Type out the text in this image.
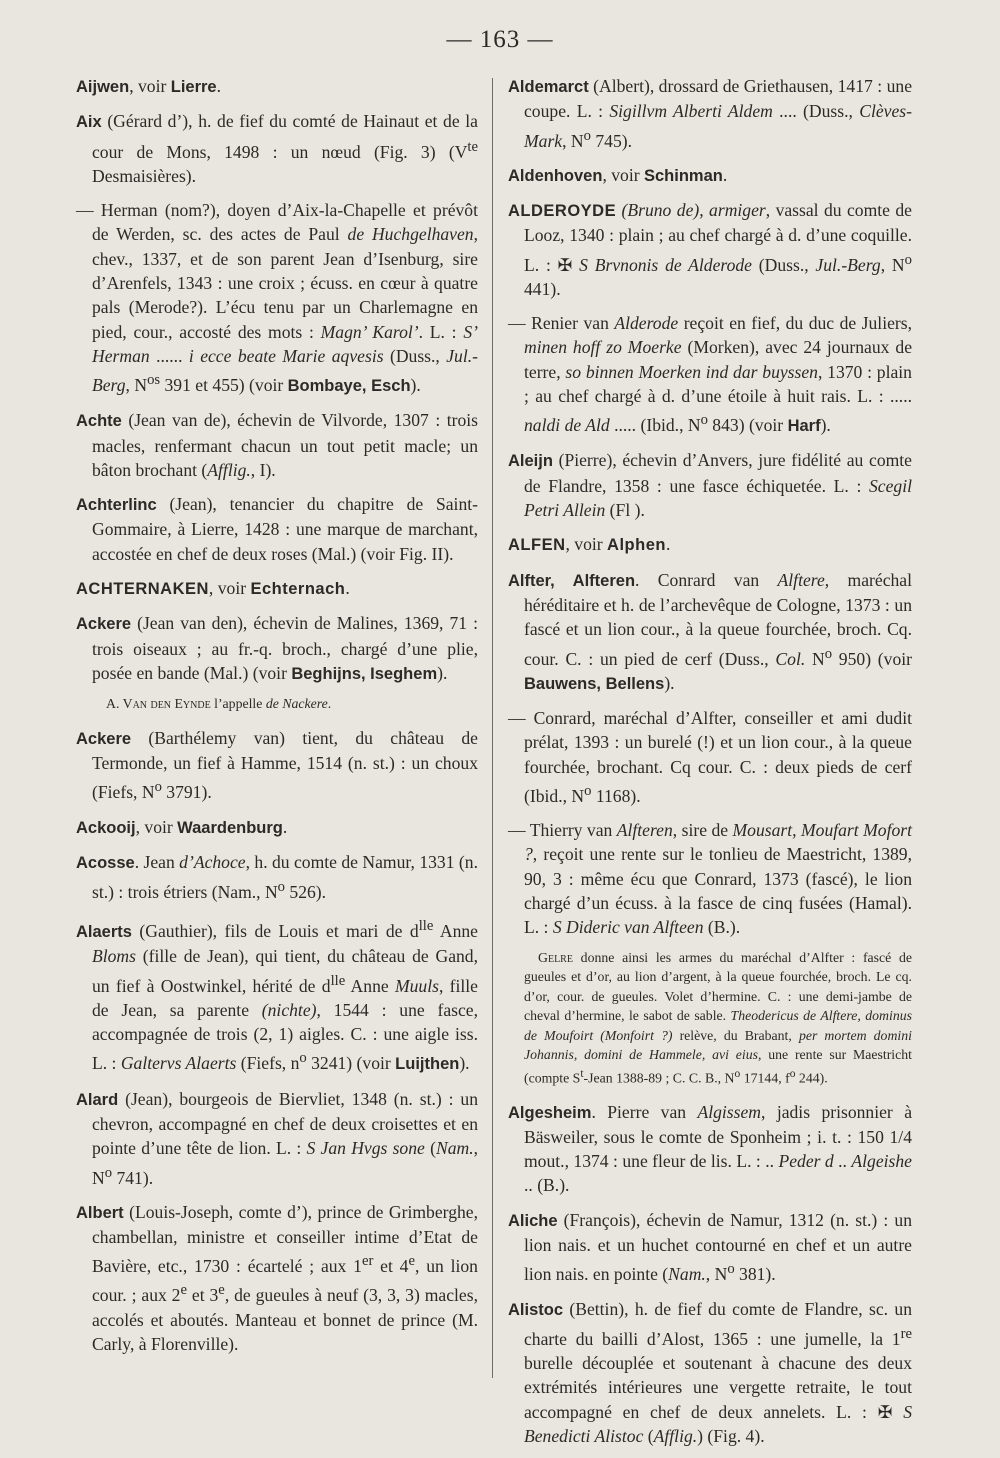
— 163 —

Aijwen, voir Lierre.

Aix (Gérard d’), h. de fief du comté de Hainaut et de la cour de Mons, 1498 : un nœud (Fig. 3) ($V^{te}$ Desmaisières).

— Herman (nom?), doyen d’Aix-la-Chapelle et prévôt de Werden, sc. des actes de Paul de Huchgelhaven, chev., 1337, et de son parent Jean d’Isenburg, sire d’Arenfels, 1343 : une croix ; écuss. en cœur à quatre pals (Merode?). L’écu tenu par un Charlemagne en pied, cour., accosté des mots : Magn’ Karol’. L. : S’ Herman ...... i ecce beate Marie aqvesis (Duss., Jul.-Berg, $N^{os}$ 391 et 455) (voir Bombaye, Esch).

Achte (Jean van de), échevin de Vilvorde, 1307 : trois macles, renfermant chacun un tout petit macle; un bâton brochant (Afflig., I).

Achterlinc (Jean), tenancier du chapitre de Saint-Gommaire, à Lierre, 1428 : une marque de marchant, accostée en chef de deux roses (Mal.) (voir Fig. II).

ACHTERNAKEN, voir Echternach.

Ackere (Jean van den), échevin de Malines, 1369, 71 : trois oiseaux ; au fr.-q. broch., chargé d’une plie, posée en bande (Mal.) (voir Beghijns, Iseghem).

A. Van den Eynde l’appelle de Nackere.

Ackere (Barthélemy van) tient, du château de Termonde, un fief à Hamme, 1514 (n. st.) : un choux (Fiefs, $N^o$ 3791).

Ackooij, voir Waardenburg.

Acosse. Jean d’Achoce, h. du comte de Namur, 1331 (n. st.) : trois étriers (Nam., $N^o$ 526).

Alaerts (Gauthier), fils de Louis et mari de $d^{lle}$ Anne Bloms (fille de Jean), qui tient, du château de Gand, un fief à Oostwinkel, hérité de $d^{lle}$ Anne Muuls, fille de Jean, sa parente (nichte), 1544 : une fasce, accompagnée de trois (2, 1) aigles. C. : une aigle iss. L. : Galtervs Alaerts (Fiefs, $n^o$ 3241) (voir Luijthen).

Alard (Jean), bourgeois de Biervliet, 1348 (n. st.) : un chevron, accompagné en chef de deux croisettes et en pointe d’une tête de lion. L. : S Jan Hvgs sone (Nam., $N^o$ 741).

Albert (Louis-Joseph, comte d’), prince de Grimberghe, chambellan, ministre et conseiller intime d’Etat de Bavière, etc., 1730 : écartelé ; aux 1er et 4e, un lion cour. ; aux 2e et 3e, de gueules à neuf (3, 3, 3) macles, accolés et aboutés. Manteau et bonnet de prince (M. Carly, à Florenville).

Aldemarct (Albert), drossard de Griethausen, 1417 : une coupe. L. : Sigillvm Alberti Aldem .... (Duss., Clèves-Mark, $N^o$ 745).

Aldenhoven, voir Schinman.

ALDEROYDE (Bruno de), armiger, vassal du comte de Looz, 1340 : plain ; au chef chargé à d. d’une coquille. L. : ✠ S Brvnonis de Alderode (Duss., Jul.-Berg, $N^o$ 441).

— Renier van Alderode reçoit en fief, du duc de Juliers, minen hoff zo Moerke (Morken), avec 24 journaux de terre, so binnen Moerken ind dar buyssen, 1370 : plain ; au chef chargé à d. d’une étoile à huit rais. L. : ..... naldi de Ald ..... (Ibid., $N^o$ 843) (voir Harf).

Aleijn (Pierre), échevin d’Anvers, jure fidélité au comte de Flandre, 1358 : une fasce échiquetée. L. : Scegil Petri Allein (Fl ).

ALFEN, voir Alphen.

Alfter, Alfteren. Conrard van Alftere, maréchal héréditaire et h. de l’archevêque de Cologne, 1373 : un fascé et un lion cour., à la queue fourchée, broch. Cq. cour. C. : un pied de cerf (Duss., Col. $N^o$ 950) (voir Bauwens, Bellens).

— Conrard, maréchal d’Alfter, conseiller et ami dudit prélat, 1393 : un burelé (!) et un lion cour., à la queue fourchée, brochant. Cq cour. C. : deux pieds de cerf (Ibid., $N^o$ 1168).

— Thierry van Alfteren, sire de Mousart, Moufart Mofort ?, reçoit une rente sur le tonlieu de Maestricht, 1389, 90, 3 : même écu que Conrard, 1373 (fascé), le lion chargé d’un écuss. à la fasce de cinq fusées (Hamal). L. : S Dideric van Alfteen (B.).

Gelre donne ainsi les armes du maréchal d’Alfter : fascé de gueules et d’or, au lion d’argent, à la queue fourchée, broch. Le cq. d’or, cour. de gueules. Volet d’hermine. C. : une demi-jambe de cheval d’hermine, le sabot de sable. Theodericus de Alftere, dominus de Moufoirt (Monfoirt ?) relève, du Brabant, per mortem domini Johannis, domini de Hammele, avi eius, une rente sur Maestricht (compte $S^t$-Jean 1388-89 ; C. C. B., $N^o$ 17144, $f^o$ 244).

Algesheim. Pierre van Algissem, jadis prisonnier à Bäsweiler, sous le comte de Sponheim ; i. t. : 150 1/4 mout., 1374 : une fleur de lis. L. : .. Peder d .. Algeishe .. (B.).

Aliche (François), échevin de Namur, 1312 (n. st.) : un lion nais. et un huchet contourné en chef et un autre lion nais. en pointe (Nam., $N^o$ 381).

Alistoc (Bettin), h. de fief du comte de Flandre, sc. un charte du bailli d’Alost, 1365 : une jumelle, la 1re burelle découplée et soutenant à chacune des deux extrémités intérieures une vergette retraite, le tout accompagné en chef de deux annelets. L. : ✠ S Benedicti Alistoc (Afflig.) (Fig. 4).
